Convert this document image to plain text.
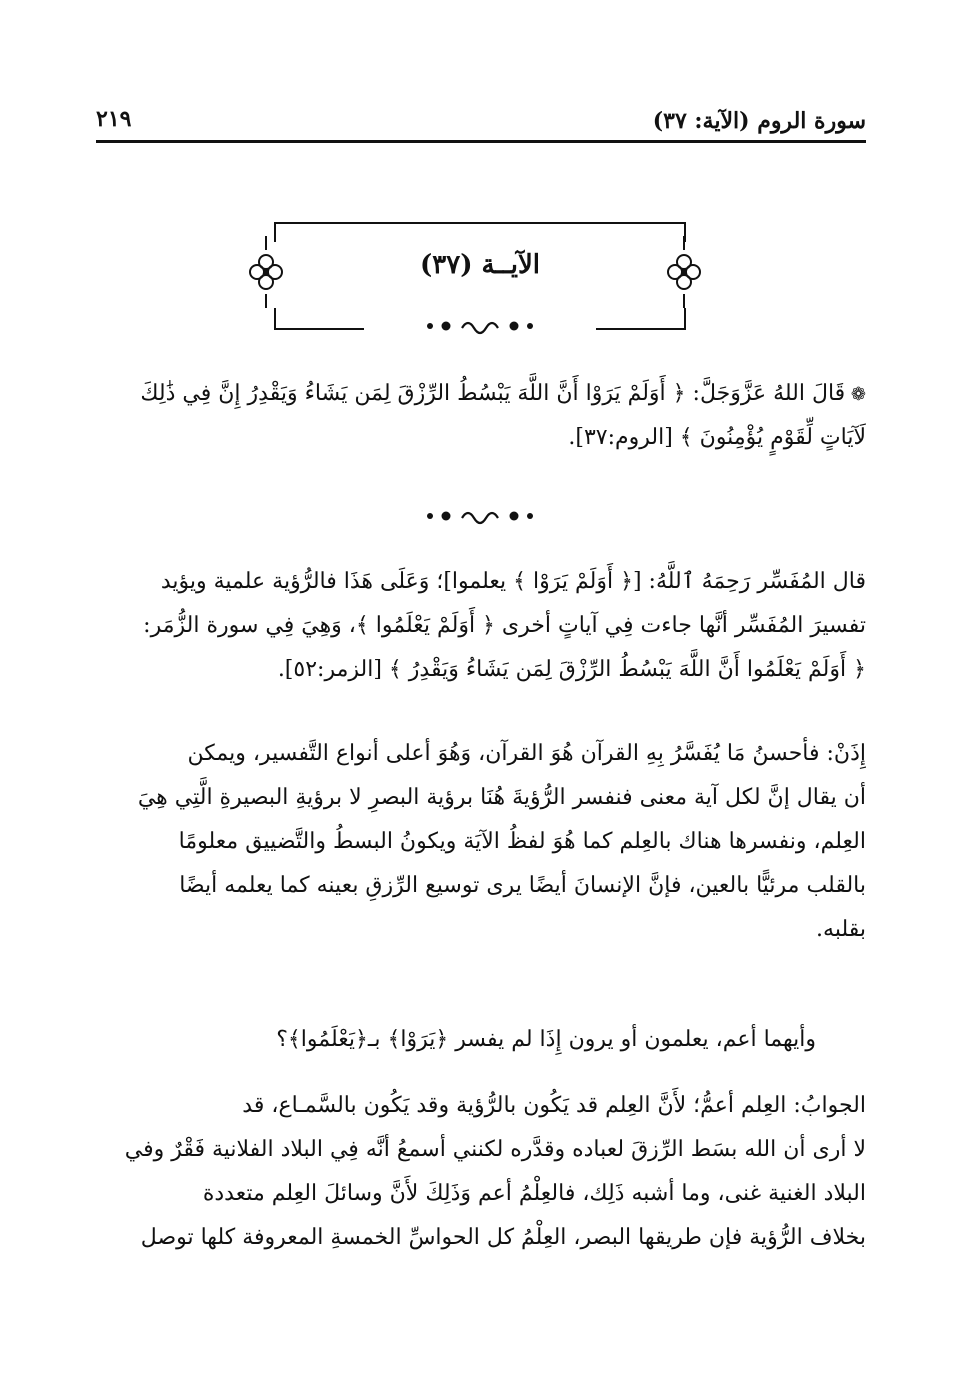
سورة الروم (الآية: ٣٧)
٢١٩
الآيــة (٣٧)
❁ قَالَ اللهُ عَزَّوَجَلَّ: ﴿ أَوَلَمْ يَرَوْا أَنَّ اللَّهَ يَبْسُطُ الرِّزْقَ لِمَن يَشَاءُ وَيَقْدِرُ إِنَّ فِي ذَٰلِكَ
لَآيَاتٍ لِّقَوْمٍ يُؤْمِنُونَ ﴾ [الروم:٣٧].
قال المُفَسِّر رَحِمَهُ ٱللَّهُ: [﴿ أَوَلَمْ يَرَوْا ﴾ يعلموا]؛ وَعَلَى هَذَا فالرُّؤية علمية ويؤيد
تفسيرَ المُفَسِّر أنَّها جاءت فِي آياتٍ أخرى ﴿ أَوَلَمْ يَعْلَمُوا ﴾، وَهِيَ فِي سورة الزُّمَر:
﴿ أَوَلَمْ يَعْلَمُوا أَنَّ اللَّهَ يَبْسُطُ الرِّزْقَ لِمَن يَشَاءُ وَيَقْدِرُ ﴾ [الزمر:٥٢].
إِذَنْ: فأحسنُ مَا يُفَسَّرُ بِهِ القرآن هُوَ القرآن، وَهُوَ أعلى أنواع التَّفسير، ويمكن
أن يقال إنَّ لكل آية معنى فنفسر الرُّؤيةَ هُنَا برؤية البصرِ لا برؤيةِ البصيرةِ الَّتِي هِيَ
العِلم، ونفسرها هناك بالعِلم كما هُوَ لفظُ الآيَة ويكونُ البسطُ والتَّضييق معلومًا
بالقلب مرئيًّا بالعين، فإنَّ الإنسانَ أيضًا يرى توسيع الرِّزقِ بعينه كما يعلمه أيضًا
بقلبه.
وأيهما أعم، يعلمون أو يرون إِذَا لم يفسر ﴿يَرَوْا﴾ بـ﴿يَعْلَمُوا﴾؟
الجوابُ: العِلم أعمُّ؛ لأَنَّ العِلم قد يَكُون بالرُّؤية وقد يَكُون بالسَّمـاع، قد
لا أرى أن الله بسَط الرِّزقَ لعباده وقدَّره لكنني أسمعُ أنَّه فِي البلاد الفلانية فَقْرٌ وفي
البلاد الغنية غنى، وما أشبه ذَلِك، فالعِلْمُ أعم وَذَلِكَ لأَنَّ وسائلَ العِلم متعددة
بخلاف الرُّؤية فإن طريقها البصر، العِلْمُ كل الحواسِّ الخمسةِ المعروفة كلها توصل
